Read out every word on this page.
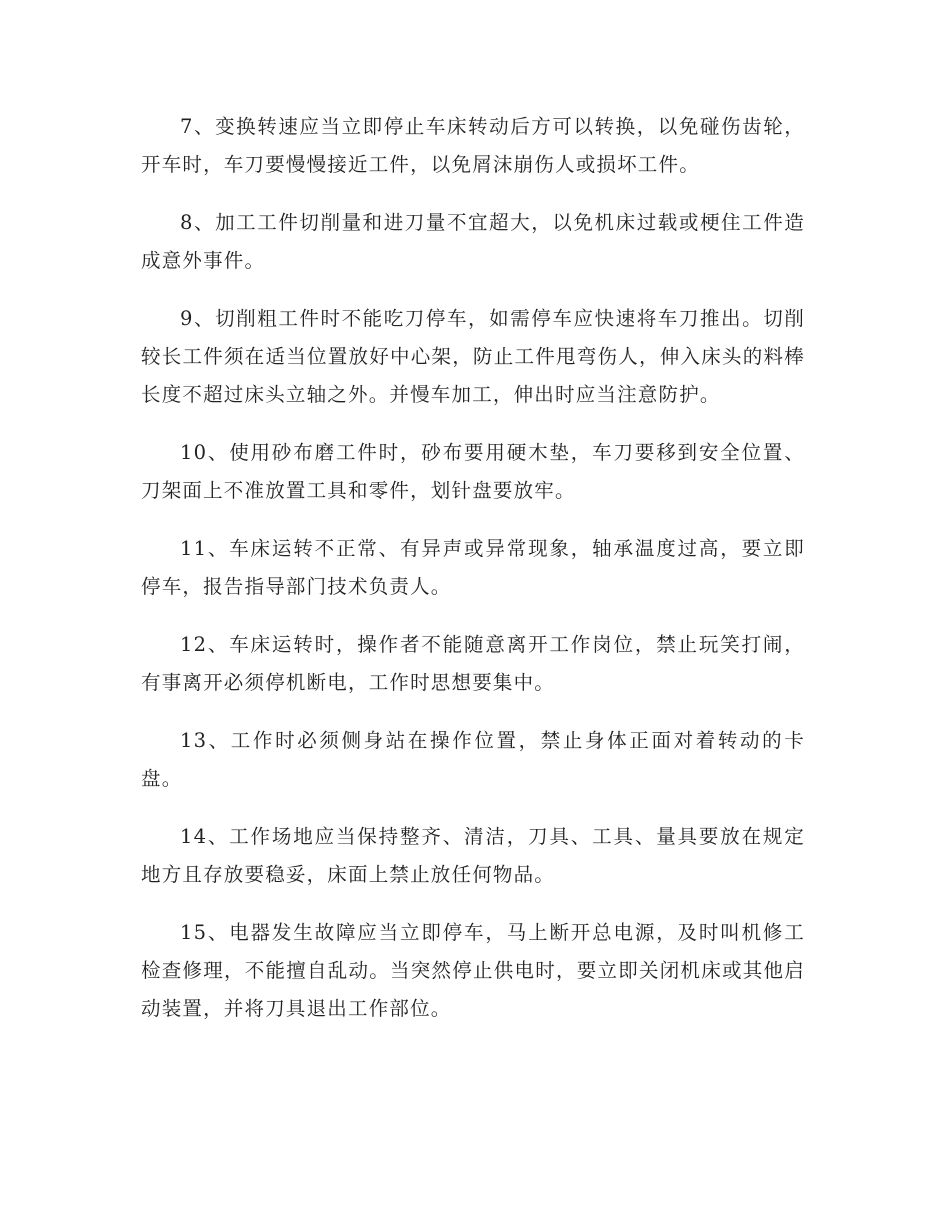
7、变换转速应当立即停止车床转动后方可以转换，以免碰伤齿轮，开车时，车刀要慢慢接近工件，以免屑沫崩伤人或损坏工件。

8、加工工件切削量和进刀量不宜超大，以免机床过载或梗住工件造成意外事件。

9、切削粗工件时不能吃刀停车，如需停车应快速将车刀推出。切削较长工件须在适当位置放好中心架，防止工件甩弯伤人，伸入床头的料棒长度不超过床头立轴之外。并慢车加工，伸出时应当注意防护。

10、使用砂布磨工件时，砂布要用硬木垫，车刀要移到安全位置、刀架面上不准放置工具和零件，划针盘要放牢。

11、车床运转不正常、有异声或异常现象，轴承温度过高，要立即停车，报告指导部门技术负责人。

12、车床运转时，操作者不能随意离开工作岗位，禁止玩笑打闹，有事离开必须停机断电，工作时思想要集中。

13、工作时必须侧身站在操作位置，禁止身体正面对着转动的卡盘。

14、工作场地应当保持整齐、清洁，刀具、工具、量具要放在规定地方且存放要稳妥，床面上禁止放任何物品。

15、电器发生故障应当立即停车，马上断开总电源，及时叫机修工检查修理，不能擅自乱动。当突然停止供电时，要立即关闭机床或其他启动装置，并将刀具退出工作部位。
